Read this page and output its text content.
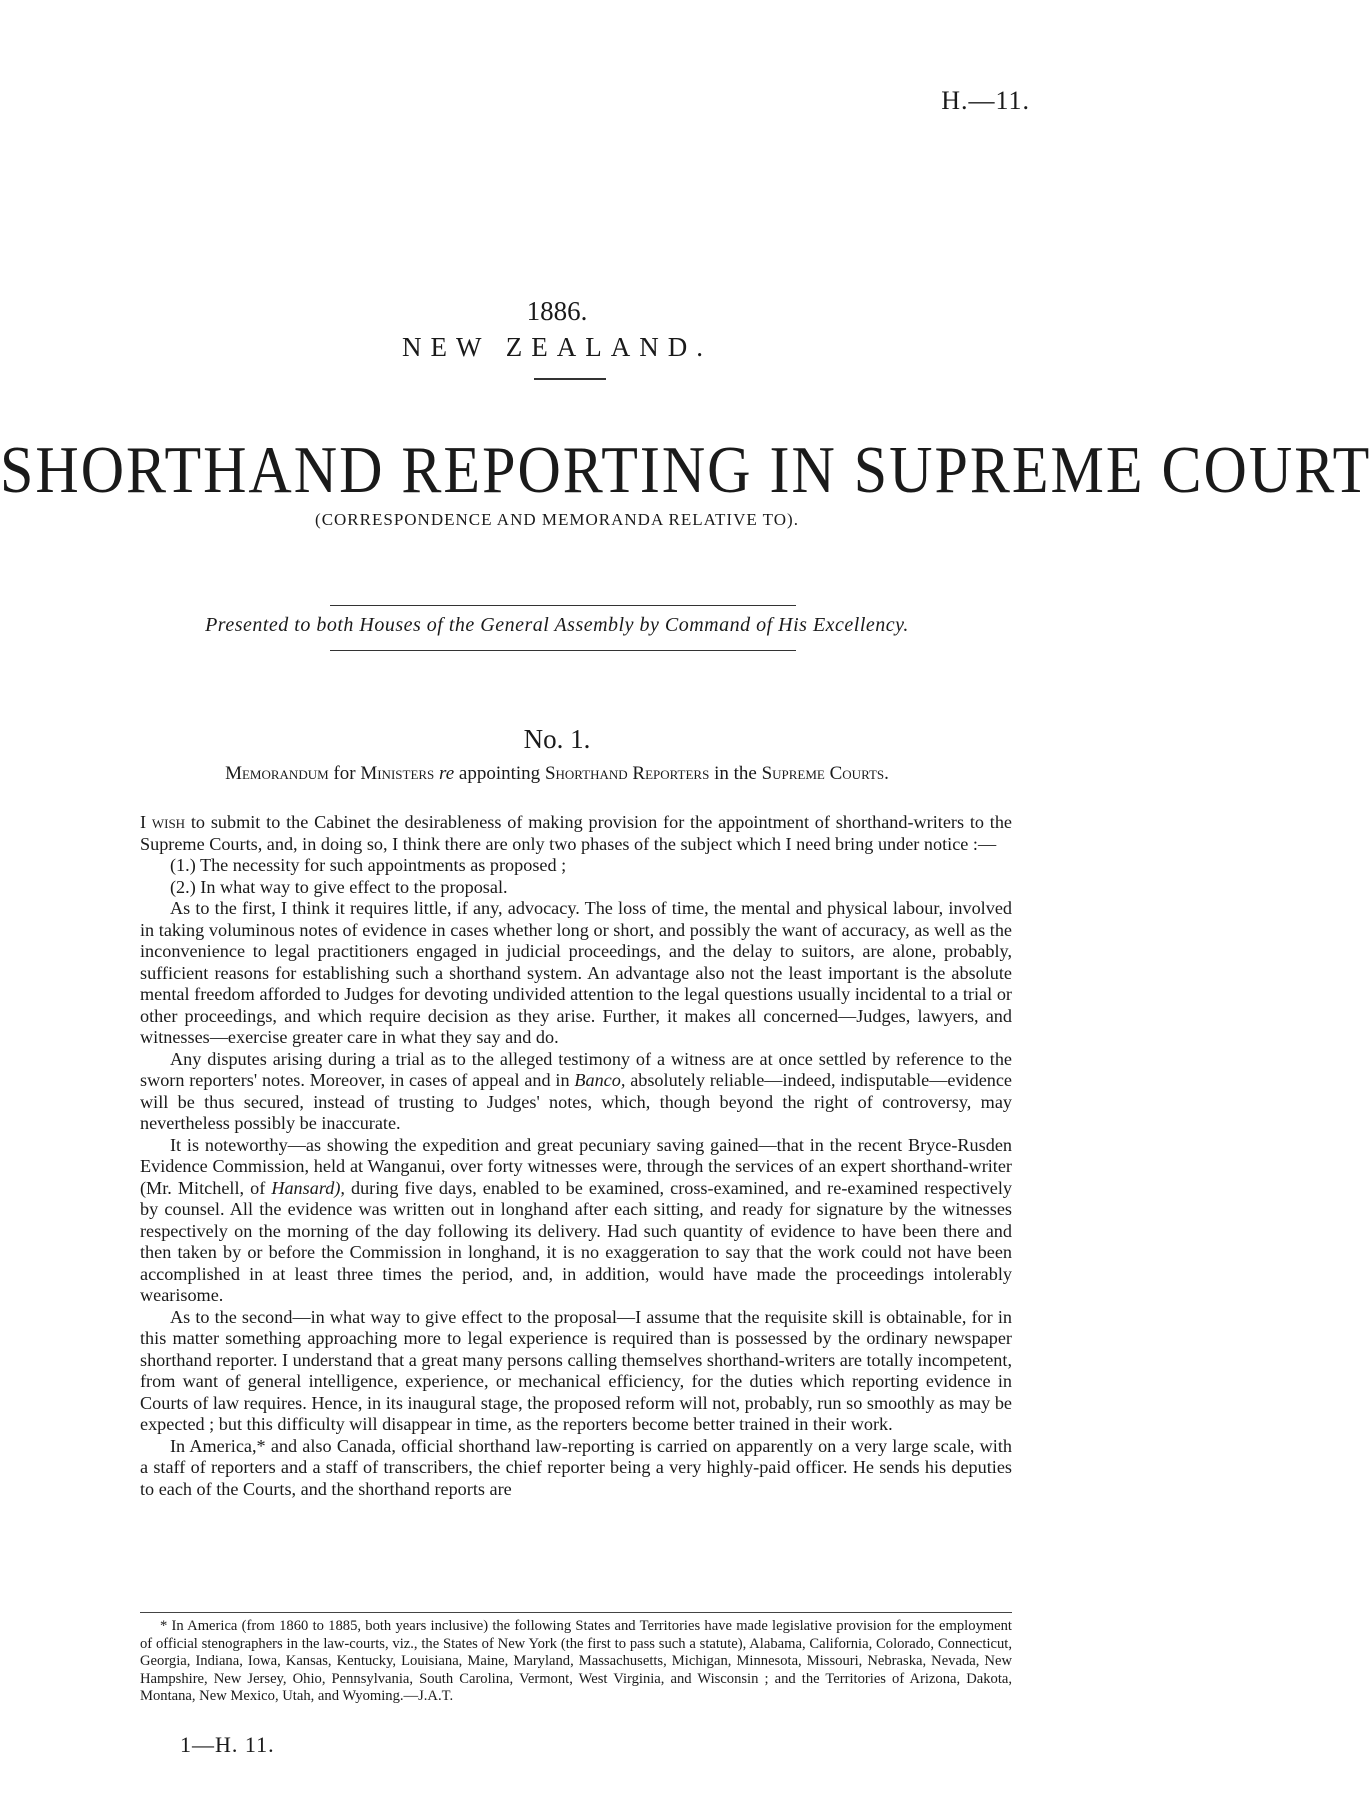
H.—11.
1886.
NEW ZEALAND.
SHORTHAND REPORTING IN SUPREME COURT
(CORRESPONDENCE AND MEMORANDA RELATIVE TO).
Presented to both Houses of the General Assembly by Command of His Excellency.
No. 1.
Memorandum for Ministers re appointing Shorthand Reporters in the Supreme Courts.

I wish to submit to the Cabinet the desirableness of making provision for the appointment of shorthand-writers to the Supreme Courts, and, in doing so, I think there are only two phases of the subject which I need bring under notice :—

(1.) The necessity for such appointments as proposed ;

(2.) In what way to give effect to the proposal.

As to the first, I think it requires little, if any, advocacy. The loss of time, the mental and physical labour, involved in taking voluminous notes of evidence in cases whether long or short, and possibly the want of accuracy, as well as the inconvenience to legal practitioners engaged in judicial proceedings, and the delay to suitors, are alone, probably, sufficient reasons for establishing such a shorthand system. An advantage also not the least important is the absolute mental freedom afforded to Judges for devoting undivided attention to the legal questions usually incidental to a trial or other proceedings, and which require decision as they arise. Further, it makes all concerned—Judges, lawyers, and witnesses—exercise greater care in what they say and do.

Any disputes arising during a trial as to the alleged testimony of a witness are at once settled by reference to the sworn reporters' notes. Moreover, in cases of appeal and in Banco, absolutely reliable—indeed, indisputable—evidence will be thus secured, instead of trusting to Judges' notes, which, though beyond the right of controversy, may nevertheless possibly be inaccurate.

It is noteworthy—as showing the expedition and great pecuniary saving gained—that in the recent Bryce-Rusden Evidence Commission, held at Wanganui, over forty witnesses were, through the services of an expert shorthand-writer (Mr. Mitchell, of Hansard), during five days, enabled to be examined, cross-examined, and re-examined respectively by counsel. All the evidence was written out in longhand after each sitting, and ready for signature by the witnesses respectively on the morning of the day following its delivery. Had such quantity of evidence to have been there and then taken by or before the Commission in longhand, it is no exaggeration to say that the work could not have been accomplished in at least three times the period, and, in addition, would have made the proceedings intolerably wearisome.

As to the second—in what way to give effect to the proposal—I assume that the requisite skill is obtainable, for in this matter something approaching more to legal experience is required than is possessed by the ordinary newspaper shorthand reporter. I understand that a great many persons calling themselves shorthand-writers are totally incompetent, from want of general intelligence, experience, or mechanical efficiency, for the duties which reporting evidence in Courts of law requires. Hence, in its inaugural stage, the proposed reform will not, probably, run so smoothly as may be expected ; but this difficulty will disappear in time, as the reporters become better trained in their work.

In America,* and also Canada, official shorthand law-reporting is carried on apparently on a very large scale, with a staff of reporters and a staff of transcribers, the chief reporter being a very highly-paid officer. He sends his deputies to each of the Courts, and the shorthand reports are

* In America (from 1860 to 1885, both years inclusive) the following States and Territories have made legislative provision for the employment of official stenographers in the law-courts, viz., the States of New York (the first to pass such a statute), Alabama, California, Colorado, Connecticut, Georgia, Indiana, Iowa, Kansas, Kentucky, Louisiana, Maine, Maryland, Massachusetts, Michigan, Minnesota, Missouri, Nebraska, Nevada, New Hampshire, New Jersey, Ohio, Pennsylvania, South Carolina, Vermont, West Virginia, and Wisconsin ; and the Territories of Arizona, Dakota, Montana, New Mexico, Utah, and Wyoming.—J.A.T.
1—H. 11.
